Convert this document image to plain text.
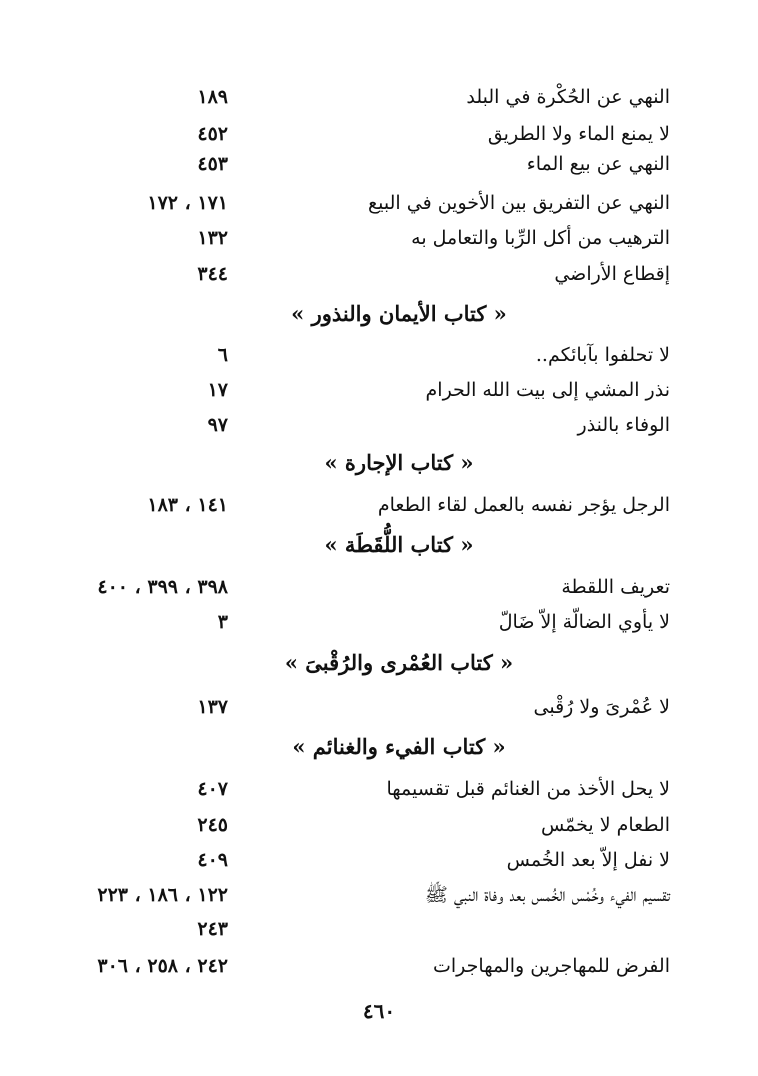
النهي عن الحُكْرة في البلد
١٨٩
لا يمنع الماء ولا الطريق
٤٥٢
النهي عن بيع الماء
٤٥٣
النهي عن التفريق بين الأخوين في البيع
١٧١ ، ١٧٢
الترهيب من أكل الرِّبا والتعامل به
١٣٢
إقطاع الأراضي
٣٤٤
« كتاب الأيمان والنذور »
لا تحلفوا بآبائكم..
٦
نذر المشي إلى بيت الله الحرام
١٧
الوفاء بالنذر
٩٧
« كتاب الإجارة »
الرجل يؤجر نفسه بالعمل لقاء الطعام
١٤١ ، ١٨٣
« كتاب اللُّقَطَة »
تعريف اللقطة
٣٩٨ ، ٣٩٩ ، ٤٠٠
لا يأوي الضالّة إلاّ ضَالّ
٣
« كتاب العُمْرى والرُقْبىَ »
لا عُمْرىَ ولا رُقْبى
١٣٧
« كتاب الفيء والغنائم »
لا يحل الأخذ من الغنائم قبل تقسيمها
٤٠٧
الطعام لا يخمّس
٢٤٥
لا نفل إلاّ بعد الخُمس
٤٠٩
تقسيم الفيء وخُمْس الخُمس بعد وفاة النبي ﷺ
١٢٢ ، ١٨٦ ، ٢٢٣
٢٤٣
الفرض للمهاجرين والمهاجرات
٢٤٢ ، ٢٥٨ ، ٣٠٦
٤٦٠
